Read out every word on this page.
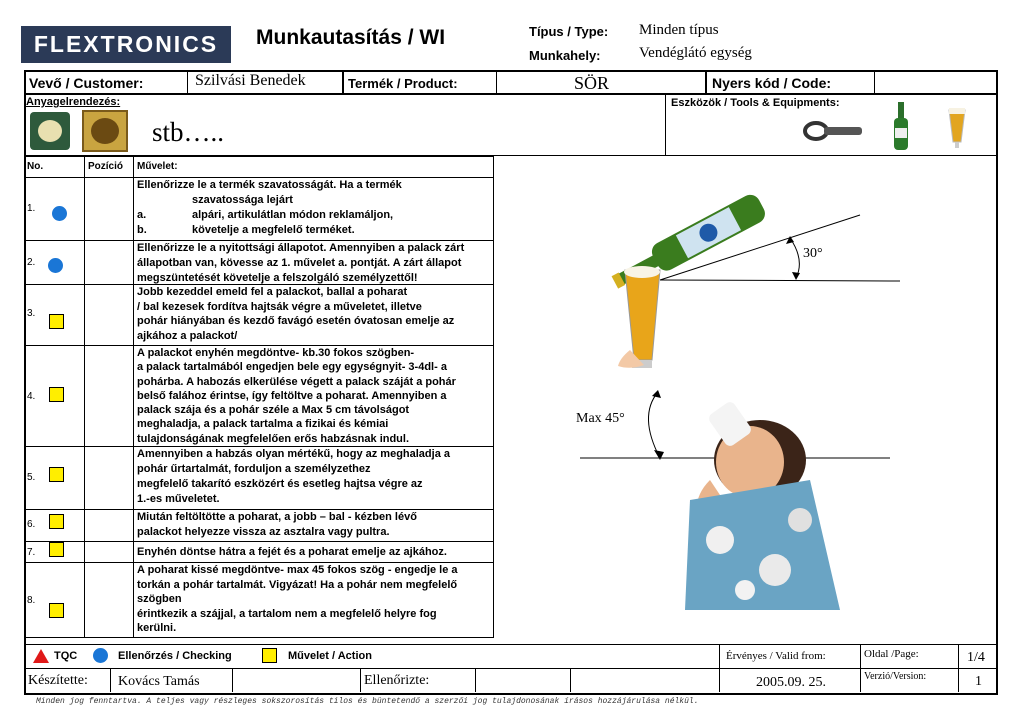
FLEXTRONICS Munkautasítás / WI	Típus / Type: Minden típus
Munkahely:	Vendéglátó egység
Vevő / Customer:	Szilvási Benedek	Termék / Product:	SÖR	Nyers kód / Code:
Anyagelrendezés:
stb…..
Eszközök / Tools & Equipments:
No.	Pozíció Művelet:
1.
Ellenőrizze le a termék szavatosságát. Ha a termék
szavatossága lejárt
a.	alpári, artikulátlan módon reklamáljon,
b.	követelje a megfelelő terméket.
2.
Ellenőrizze le a nyitottsági állapotot. Amennyiben a palack zárt
állapotban van, kövesse az 1. művelet a. pontját. A zárt állapot
megszüntetését követelje a felszolgáló személyzettől!
3.
Jobb kezeddel emeld fel a palackot, ballal a poharat
/ bal kezesek fordítva hajtsák végre a műveletet, illetve
pohár hiányában és kezdő favágó esetén óvatosan emelje az
ajkához a palackot/
4.
A palackot enyhén megdöntve- kb.30 fokos szögben-
a palack tartalmából engedjen bele egy egységnyit- 3-4dl- a
pohárba. A habozás elkerülése végett a palack száját a pohár
belső falához érintse, így feltöltve a poharat. Amennyiben a
palack szája és a pohár széle a Max 5 cm távolságot
meghaladja, a palack tartalma a fizikai és kémiai
tulajdonságának megfelelően erős habzásnak indul.
5.
Amennyiben a habzás olyan mértékű, hogy az meghaladja a
pohár űrtartalmát, forduljon a személyzethez
megfelelő takarító eszközért és esetleg hajtsa végre az
1.-es műveletet.
6.
Miután feltöltötte a poharat, a jobb – bal - kézben lévő
palackot helyezze vissza az asztalra vagy pultra.
7.	Enyhén döntse hátra a fejét és a poharat emelje az ajkához.
8.
A poharat kissé megdöntve- max 45 fokos szög - engedje le a
torkán a pohár tartalmát. Vigyázat! Ha a pohár nem megfelelő
szögben
érintkezik a szájjal, a tartalom nem a megfelelő helyre fog
kerülni.
30°
Max 45°
TQC	Ellenőrzés / Checking	Művelet / Action	Érvényes / Valid from:	Oldal /Page:	1/4
Készítette: Kovács Tamás	Ellenőrizte:	2005.09. 25.	Verzió/Version:	1
Minden jog fenntartva. A teljes vagy részleges sokszorosítás tilos és büntetendő a szerzői jog tulajdonosának írásos hozzájárulása nélkül.
